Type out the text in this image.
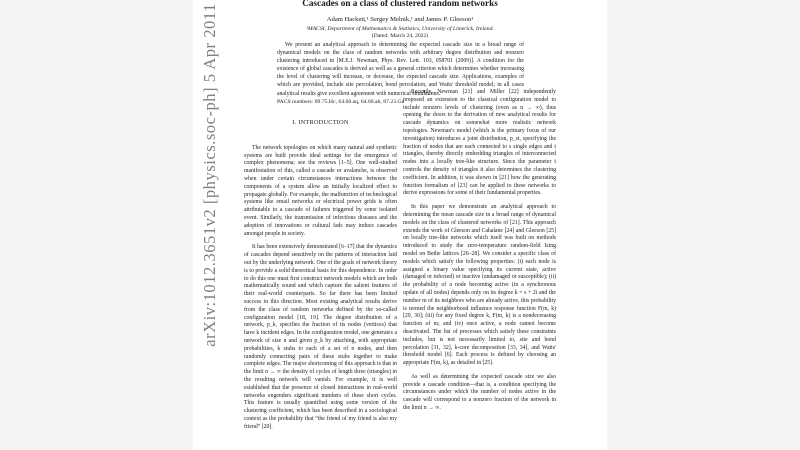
arXiv:1012.3651v2 [physics.soc-ph] 5 Apr 2011
Cascades on a class of clustered random networks
Adam Hackett,¹ Sergey Melnik,¹ and James P. Gleeson¹
¹MACSI, Department of Mathematics & Statistics, University of Limerick, Ireland.
(Dated: March 24, 2022)

We present an analytical approach to determining the expected cascade size in a broad range of dynamical models on the class of random networks with arbitrary degree distribution and nonzero clustering introduced in [M.E.J. Newman, Phys. Rev. Lett. 103, 058701 (2009)]. A condition for the existence of global cascades is derived as well as a general criterion which determines whether increasing the level of clustering will increase, or decrease, the expected cascade size. Applications, examples of which are provided, include site percolation, bond percolation, and Watts' threshold model; in all cases analytical results give excellent agreement with numerical simulations.

PACS numbers: 89.75.Hc, 64.60.aq, 64.60.ah, 87.23.Ge
I. INTRODUCTION

The network topologies on which many natural and synthetic systems are built provide ideal settings for the emergence of complex phenomena; see the reviews [1–5]. One well-studied manifestation of this, called a cascade or avalanche, is observed when under certain circumstances interactions between the components of a system allow an initially localized effect to propagate globally. For example, the malfunction of technological systems like email networks or electrical power grids is often attributable to a cascade of failures triggered by some isolated event. Similarly, the transmission of infectious diseases and the adoption of innovations or cultural fads may induce cascades amongst people in society.

It has been extensively demonstrated [6–17] that the dynamics of cascades depend sensitively on the patterns of interaction laid out by the underlying network. One of the goals of network theory is to provide a solid theoretical basis for this dependence. In order to do this one must first construct network models which are both mathematically sound and which capture the salient features of their real-world counterparts. So far there has been limited success in this direction. Most existing analytical results derive from the class of random networks defined by the so-called configuration model [18, 19]. The degree distribution of a network, p_k, specifies the fraction of its nodes (vertices) that have k incident edges. In the configuration model, one generates a network of size n and given p_k by attaching, with appropriate probabilities, k stubs to each of a set of n nodes, and then randomly connecting pairs of these stubs together to make complete edges. The major shortcoming of this approach is that in the limit n → ∞ the density of cycles of length three (triangles) in the resulting network will vanish. For example, it is well established that the presence of closed interactions in real-world networks engenders significant numbers of these short cycles. This feature is usually quantified using some version of the clustering coefficient, which has been described in a sociological context as the probability that “the friend of my friend is also my friend” [20].

Recently, Newman [21] and Miller [22] independently proposed an extension to the classical configuration model to include nonzero levels of clustering (even as n → ∞), thus opening the doors to the derivation of new analytical results for cascade dynamics on somewhat more realistic network topologies. Newman's model (which is the primary focus of our investigation) introduces a joint distribution, p_st, specifying the fraction of nodes that are each connected to s single edges and t triangles, thereby directly embedding triangles of interconnected nodes into a locally tree-like structure. Since the parameter t controls the density of triangles it also determines the clustering coefficient. In addition, it was shown in [21] how the generating function formalism of [23] can be applied to these networks to derive expressions for some of their fundamental properties.

In this paper we demonstrate an analytical approach to determining the mean cascade size in a broad range of dynamical models on the class of clustered networks of [21]. This approach extends the work of Gleeson and Cahalane [24] and Gleeson [25] on locally tree-like networks which itself was built on methods introduced to study the zero-temperature random-field Ising model on Bethe lattices [26–28]. We consider a specific class of models which satisfy the following properties: (i) each node is assigned a binary value specifying its current state, active (damaged or infected) or inactive (undamaged or susceptible); (ii) the probability of a node becoming active (in a synchronous update of all nodes) depends only on its degree k = s + 2t and the number m of its neighbors who are already active, this probability is termed the neighborhood influence response function F(m, k) [29, 30]; (iii) for any fixed degree k, F(m, k) is a nondecreasing function of m; and (iv) once active, a node cannot become deactivated. The list of processes which satisfy these constraints includes, but is not necessarily limited to, site and bond percolation [31, 32], k-core decomposition [33, 34], and Watts' threshold model [6]. Each process is defined by choosing an appropriate F(m, k), as detailed in [25].

As well as determining the expected cascade size we also provide a cascade condition—that is, a condition specifying the circumstances under which the number of nodes active in the cascade will correspond to a nonzero fraction of the network in the limit n → ∞.
